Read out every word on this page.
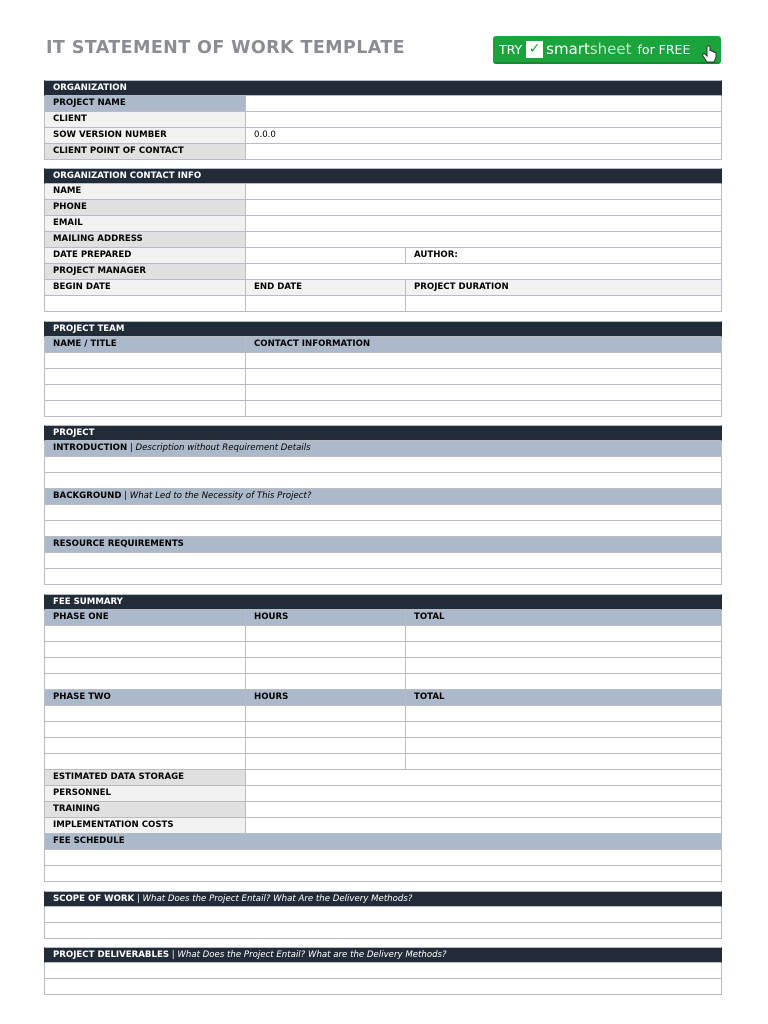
IT STATEMENT OF WORK TEMPLATE	TRY ✓ smartsheet for FREE
ORGANIZATION
PROJECT NAME
CLIENT
SOW VERSION NUMBER	0.0.0
CLIENT POINT OF CONTACT
ORGANIZATION CONTACT INFO
NAME
PHONE
EMAIL
MAILING ADDRESS
DATE PREPARED	AUTHOR:
PROJECT MANAGER
BEGIN DATE	END DATE	PROJECT DURATION
PROJECT TEAM
NAME / TITLE	CONTACT INFORMATION
PROJECT
INTRODUCTION | Description without Requirement Details
BACKGROUND | What Led to the Necessity of This Project?
RESOURCE REQUIREMENTS
FEE SUMMARY
PHASE ONE	HOURS	TOTAL
PHASE TWO	HOURS	TOTAL
ESTIMATED DATA STORAGE
PERSONNEL
TRAINING
IMPLEMENTATION COSTS
FEE SCHEDULE
SCOPE OF WORK | What Does the Project Entail? What Are the Delivery Methods?
PROJECT DELIVERABLES | What Does the Project Entail? What are the Delivery Methods?
